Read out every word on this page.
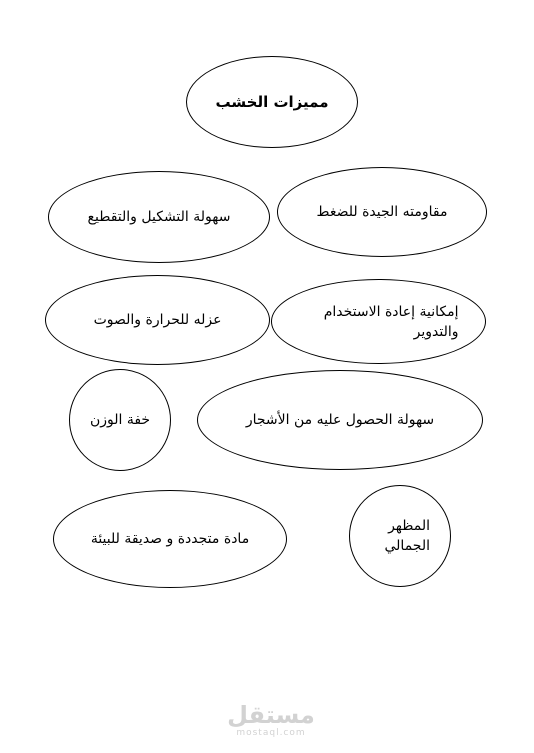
مميزات الخشب
سهولة التشكيل والتقطيع	مقاومته الجيدة للضغط
عزله للحرارة والصوت
إمكانية إعادة الاستخدام والتدوير
خفة الوزن	سهولة الحصول عليه من الأشجار
مادة متجددة و صديقة للبيئة
المظهر الجمالي
مستقل
mostaql.com
